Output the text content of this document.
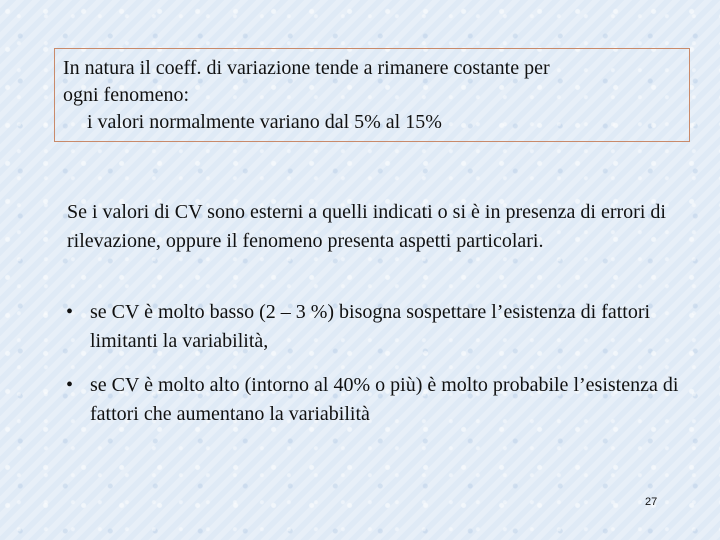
In natura il coeff. di variazione tende a rimanere costante per

ogni fenomeno:

i valori normalmente variano dal 5% al 15%

Se i valori di CV sono esterni a quelli indicati o si è in presenza di errori di rilevazione, oppure il fenomeno presenta aspetti particolari.

• se CV è molto basso (2 – 3 %) bisogna sospettare l’esistenza di fattori limitanti la variabilità,
• se CV è molto alto (intorno al 40% o più) è molto probabile l’esistenza di fattori che aumentano la variabilità
27
